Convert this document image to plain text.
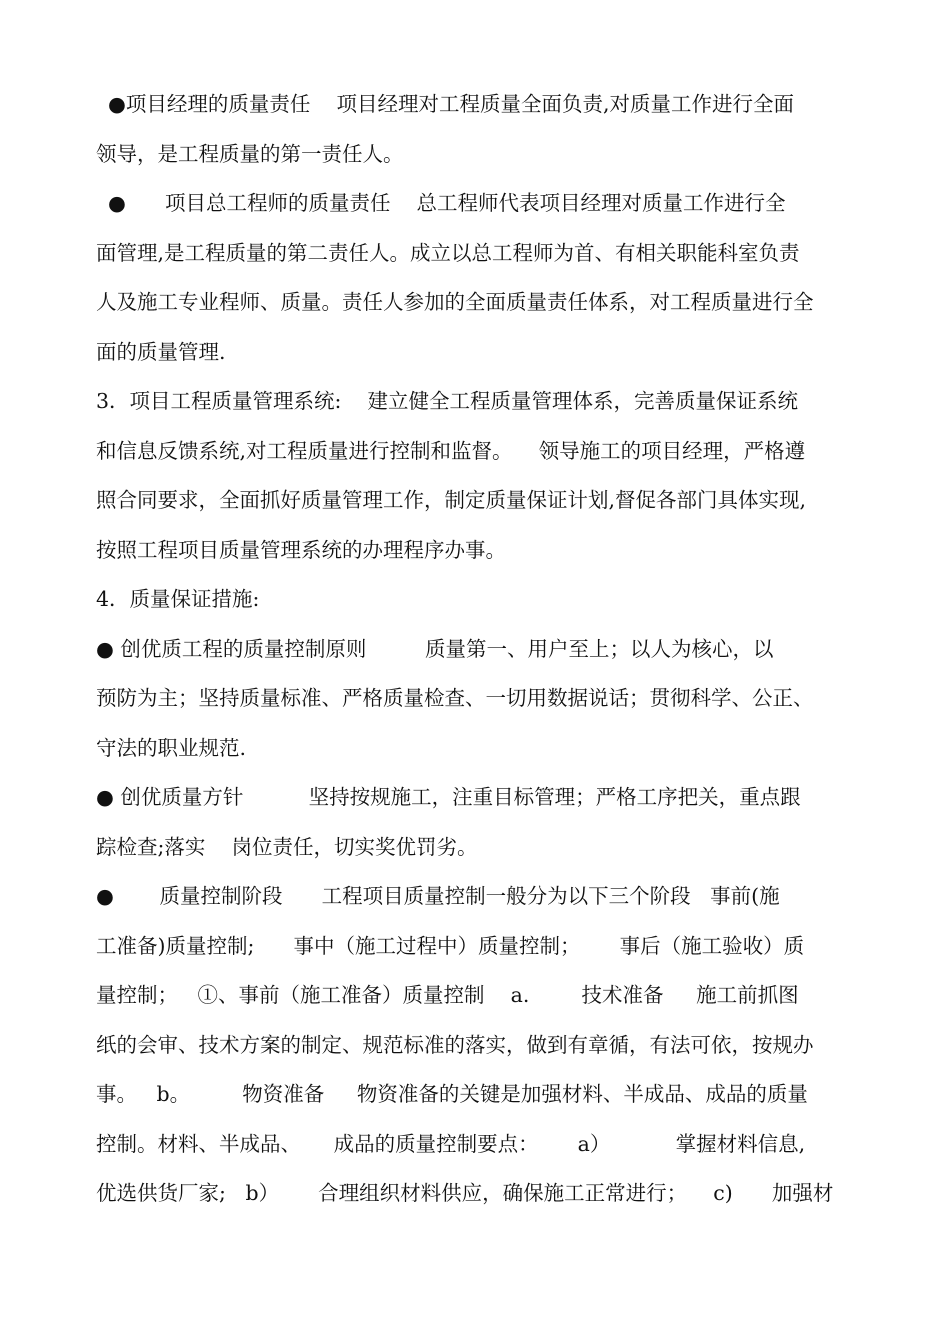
●项目经理的质量责任    项目经理对工程质量全面负责,对质量工作进行全面
领导，是工程质量的第一责任人。
●      项目总工程师的质量责任    总工程师代表项目经理对质量工作进行全
面管理,是工程质量的第二责任人。成立以总工程师为首、有相关职能科室负责
人及施工专业程师、质量。责任人参加的全面质量责任体系，对工程质量进行全
面的质量管理.
3．项目工程质量管理系统:    建立健全工程质量管理体系，完善质量保证系统
和信息反馈系统,对工程质量进行控制和监督。    领导施工的项目经理，严格遵
照合同要求，全面抓好质量管理工作，制定质量保证计划,督促各部门具体实现,
按照工程项目质量管理系统的办理程序办事。
4．质量保证措施:
● 创优质工程的质量控制原则         质量第一、用户至上；以人为核心，以
预防为主；坚持质量标准、严格质量检查、一切用数据说话；贯彻科学、公正、
守法的职业规范.
● 创优质量方针          坚持按规施工，注重目标管理；严格工序把关，重点跟
踪检查;落实    岗位责任，切实奖优罚劣。
●       质量控制阶段      工程项目质量控制一般分为以下三个阶段   事前(施
工准备)质量控制;      事中（施工过程中）质量控制；      事后（施工验收）质
量控制；   ①、事前（施工准备）质量控制    a.        技术准备     施工前抓图
纸的会审、技术方案的制定、规范标准的落实，做到有章循，有法可依，按规办
事。   b。        物资准备     物资准备的关键是加强材料、半成品、成品的质量
控制。材料、半成品、     成品的质量控制要点：      a）          掌握材料信息,
优选供货厂家;   b）      合理组织材料供应，确保施工正常进行；    c)      加强材
